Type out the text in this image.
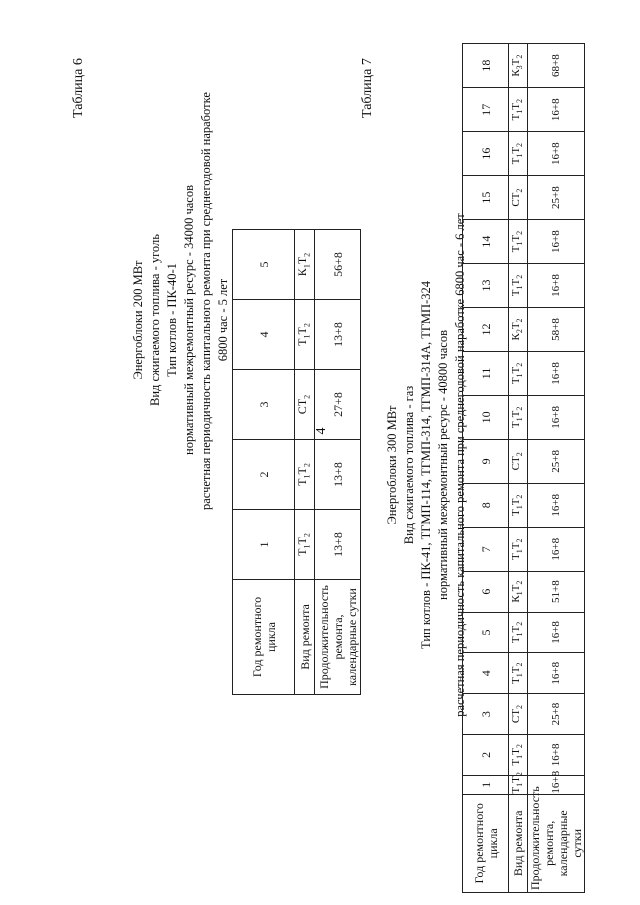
4
Таблица 6
Энергоблоки 200 МВт Вид сжигаемого топлива - уголь Тип котлов - ПК-40-1 нормативный межремонтный ресурс - 34000 часов расчетная периодичность капитального ремонта при среднегодовой наработке 6800 час - 5 лет
Год ремонтного цикла	1	2	3	4	5
Вид ремонта	$Т_1Т_2$	$Т_1Т_2$	$СТ_2$	$Т_1Т_2$	$К_1Т_2$
Продолжительность ремонта, календарные сутки	13+8	13+8	27+8	13+8	56+8
Таблица 7
Энергоблоки 300 МВт Вид сжигаемого топлива - газ Тип котлов - ПК-41, ТГМП-114, ТГМП-314, ТГМП-314А, ТГМП-324 нормативный межремонтный ресурс - 40800 часов расчетная периодичность капитального ремонта при среднегодовой наработке 6800 час - 6 лет
Год ремонтного цикла	1	2	3	4	5	6	7	8	9	10	11	12	13	14	15	16	17	18
Вид ремонта	$Т_1Т_2$	$Т_1Т_2$	$СТ_2$	$Т_1Т_2$	$Т_1Т_2$	$К_1Т_2$	$Т_1Т_2$	$Т_1Т_2$	$СТ_2$	$Т_1Т_2$	$Т_1Т_2$	$К_2Т_2$	$Т_1Т_2$	$Т_1Т_2$	$СТ_2$	$Т_1Т_2$	$Т_1Т_2$	$К_3Т_2$
Продолжительность ремонта, календарные сутки	16+8	16+8	25+8	16+8	16+8	51+8	16+8	16+8	25+8	16+8	16+8	58+8	16+8	16+8	25+8	16+8	16+8	68+8
